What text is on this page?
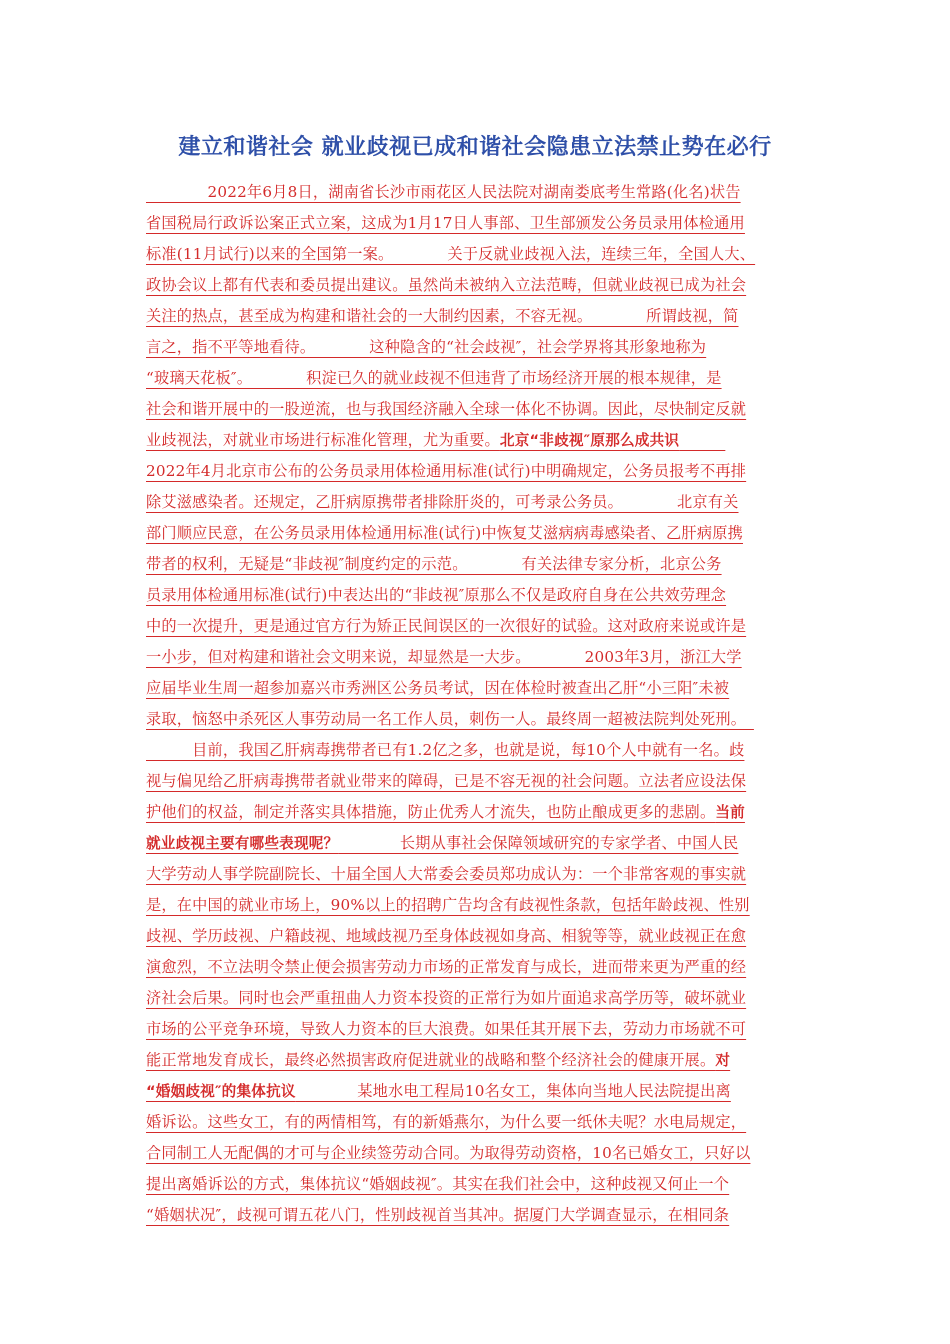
建立和谐社会 就业歧视已成和谐社会隐患立法禁止势在必行
　　　　2022年6月8日，湖南省长沙市雨花区人民法院对湖南娄底考生常路(化名)状告
省国税局行政诉讼案正式立案，这成为1月17日人事部、卫生部颁发公务员录用体检通用
标准(11月试行)以来的全国第一案。　　　　关于反就业歧视入法，连续三年，全国人大、
政协会议上都有代表和委员提出建议。虽然尚未被纳入立法范畴，但就业歧视已成为社会
关注的热点，甚至成为构建和谐社会的一大制约因素，不容无视。　　　　所谓歧视，简
言之，指不平等地看待。　　　　这种隐含的“社会歧视″，社会学界将其形象地称为
“玻璃天花板″。　　　　积淀已久的就业歧视不但违背了市场经济开展的根本规律，是
社会和谐开展中的一股逆流，也与我国经济融入全球一体化不协调。因此，尽快制定反就
业歧视法，对就业市场进行标准化管理，尤为重要。北京“非歧视″原那么成共识　　　
2022年4月北京市公布的公务员录用体检通用标准(试行)中明确规定，公务员报考不再排
除艾滋感染者。还规定，乙肝病原携带者排除肝炎的，可考录公务员。　　　　北京有关
部门顺应民意，在公务员录用体检通用标准(试行)中恢复艾滋病病毒感染者、乙肝病原携
带者的权利，无疑是“非歧视″制度约定的示范。　　　　有关法律专家分析，北京公务
员录用体检通用标准(试行)中表达出的“非歧视″原那么不仅是政府自身在公共效劳理念
中的一次提升，更是通过官方行为矫正民间误区的一次很好的试验。这对政府来说或许是
一小步，但对构建和谐社会文明来说，却显然是一大步。　　　　2003年3月，浙江大学
应届毕业生周一超参加嘉兴市秀洲区公务员考试，因在体检时被查出乙肝“小三阳″未被
录取，恼怒中杀死区人事劳动局一名工作人员，刺伤一人。最终周一超被法院判处死刑。　
　　　目前，我国乙肝病毒携带者已有1.2亿之多，也就是说，每10个人中就有一名。歧
视与偏见给乙肝病毒携带者就业带来的障碍，已是不容无视的社会问题。立法者应设法保
护他们的权益，制定并落实具体措施，防止优秀人才流失，也防止酿成更多的悲剧。当前
就业歧视主要有哪些表现呢？　　　　长期从事社会保障领域研究的专家学者、中国人民
大学劳动人事学院副院长、十届全国人大常委会委员郑功成认为：一个非常客观的事实就
是，在中国的就业市场上，90%以上的招聘广告均含有歧视性条款，包括年龄歧视、性别
歧视、学历歧视、户籍歧视、地域歧视乃至身体歧视如身高、相貌等等，就业歧视正在愈
演愈烈，不立法明令禁止便会损害劳动力市场的正常发育与成长，进而带来更为严重的经
济社会后果。同时也会严重扭曲人力资本投资的正常行为如片面追求高学历等，破坏就业
市场的公平竞争环境，导致人力资本的巨大浪费。如果任其开展下去，劳动力市场就不可
能正常地发育成长，最终必然损害政府促进就业的战略和整个经济社会的健康开展。对
“婚姻歧视″的集体抗议　　　　某地水电工程局10名女工，集体向当地人民法院提出离
婚诉讼。这些女工，有的两情相笃，有的新婚燕尔，为什么要一纸休夫呢？水电局规定，
合同制工人无配偶的才可与企业续签劳动合同。为取得劳动资格，10名已婚女工，只好以
提出离婚诉讼的方式，集体抗议“婚姻歧视″。其实在我们社会中，这种歧视又何止一个
“婚姻状况″，歧视可谓五花八门，性别歧视首当其冲。据厦门大学调查显示，在相同条
